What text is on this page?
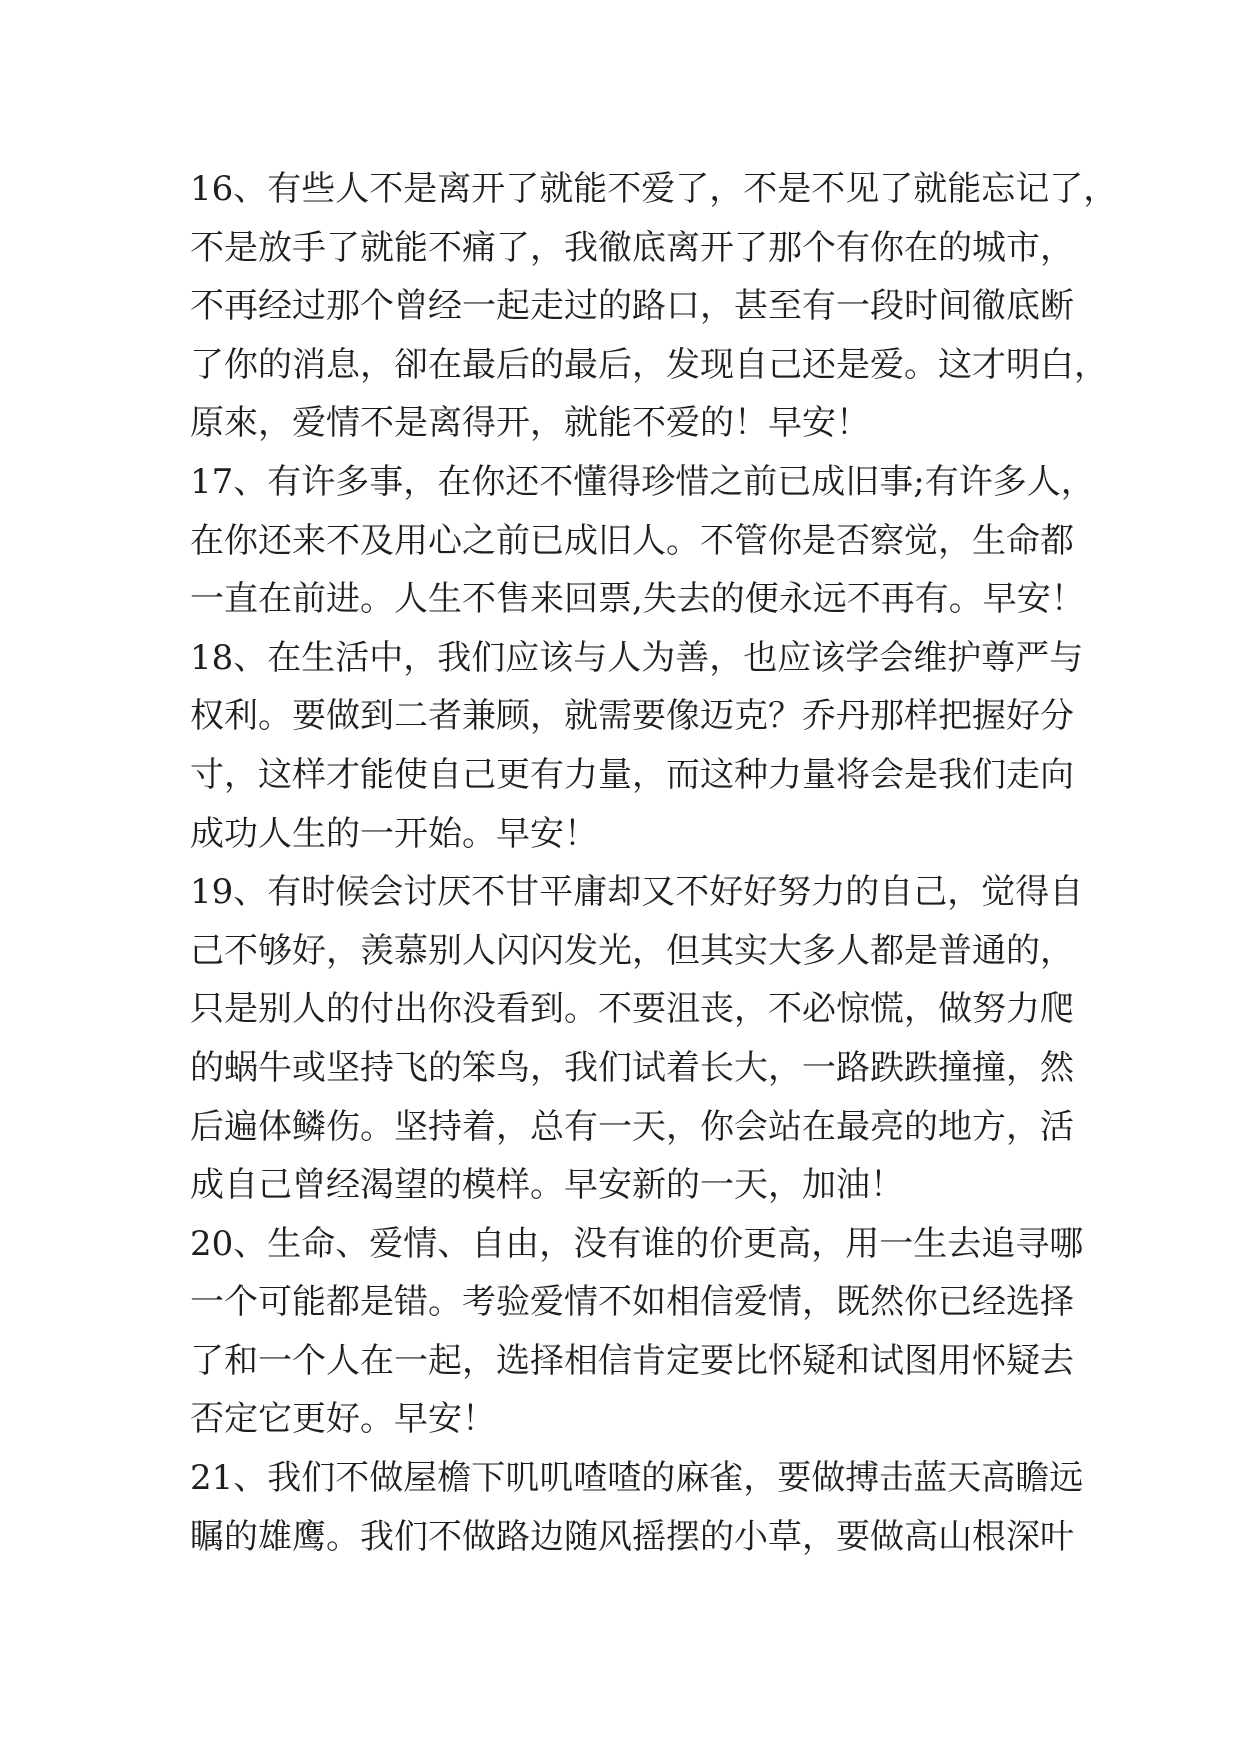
16、有些人不是离开了就能不爱了，不是不见了就能忘记了，
不是放手了就能不痛了，我徹底离开了那个有你在的城市，
不再经过那个曾经一起走过的路口，甚至有一段时间徹底断
了你的消息，卻在最后的最后，发现自己还是爱。这才明白，
原來，爱情不是离得开，就能不爱的！早安！
17、有许多事，在你还不懂得珍惜之前已成旧事;有许多人，
在你还来不及用心之前已成旧人。不管你是否察觉，生命都
一直在前进。人生不售来回票,失去的便永远不再有。早安！
18、在生活中，我们应该与人为善，也应该学会维护尊严与
权利。要做到二者兼顾，就需要像迈克？乔丹那样把握好分
寸，这样才能使自己更有力量，而这种力量将会是我们走向
成功人生的一开始。早安！
19、有时候会讨厌不甘平庸却又不好好努力的自己，觉得自
己不够好，羡慕别人闪闪发光，但其实大多人都是普通的，
只是别人的付出你没看到。不要沮丧，不必惊慌，做努力爬
的蜗牛或坚持飞的笨鸟，我们试着长大，一路跌跌撞撞，然
后遍体鳞伤。坚持着，总有一天，你会站在最亮的地方，活
成自己曾经渴望的模样。早安新的一天，加油！
20、生命、爱情、自由，没有谁的价更高，用一生去追寻哪
一个可能都是错。考验爱情不如相信爱情，既然你已经选择
了和一个人在一起，选择相信肯定要比怀疑和试图用怀疑去
否定它更好。早安！
21、我们不做屋檐下叽叽喳喳的麻雀，要做搏击蓝天高瞻远
瞩的雄鹰。我们不做路边随风摇摆的小草，要做高山根深叶
